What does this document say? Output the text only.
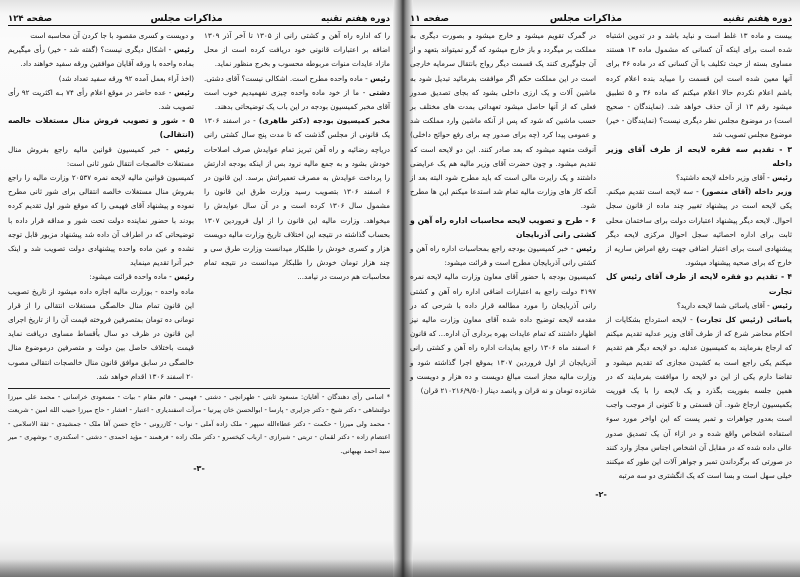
دوره هفتم تقنیه
مذاکرات مجلس
صفحه ۱۲۴

را که اداره راه آهن و کشتی رانی از ۱۳۰۵ تا آخر آذر ۱۳۰۹ اضافه بر اعتبارات قانونی خود دریافت کرده است از محل مازاد عایدات منوات مربوطه محسوب و بخرج منظور نماید.

رئیس - ماده واحده مطرح است. اشکالی نیست؟ آقای دشتی.

دشتی - ما از خود ماده واحده چیزی نفهمیدیم خوب است آقای مخبر کمیسیون بودجه در این باب یک توضیحاتی بدهند.

مخبر کمیسیون بودجه (دکتر طاهری) - در اسفند ۱۳۰۶ یک قانونی از مجلس گذشت که تا مدت پنج سال کشتی رانی دریاچه رضائیه و راه آهن تبریز تمام عوایدش صرف اصلاحات خودش بشود و به جمع مالیه نرود بس از اینکه بودجه ادارتش را پرداخت عوایدش به مصرف تعمیراتش برسد. این قانون در ۶ اسفند ۱۳۰۶ بتصویب رسید وزارت طرق این قانون را مشمول سال ۱۳۰۶ کرده است و در آن سال عوایدش را میخواهد. وزارت مالیه این قانون را از اول فروردین ۱۳۰۷ بحساب گذاشته در نتیجه این اختلاف تاریخ وزارت مالیه دویست هزار و کسری خودش را طلبکار میدانست وزارت طرق سی و چند هزار تومان خودش را طلبکار میدانست در نتیجه تمام محاسبات هم درست در نیامد...

و دویست و کسری مقصود با جا کردن آن محاسبه است

رئیس - اشکال دیگری نیست؟ (گفته شد - خیر) رأی میگیریم بماده واحده با ورقه آقایان موافقین ورقه سفید خواهند داد.

(اخذ آراء بعمل آمده ۹۲ ورقه سفید تعداد شد)

رئیس - عده حاضر در موقع اعلام رأی ۷۴ بـه اکثریت ۹۲ رأی تصویب شد.

۵ - شور و تصویب فروش منال مستغلات خالصه (انتقالی)

رئیس - خبر کمیسیون قوانین مالیه راجع بفروش منال مستغلات خالصجات انتقال شور ثانی است:

کمیسیون قوانین مالیه لایحه نمره ۲۰۵۳۷ وزارت مالیه را راجع بفروش منال مستغلات خالصه انتقالی برای شور ثانی مطرح نموده و پیشنهاد آقای فهیمی را که موقع شور اول تقدیم کرده بودند با حضور نماینده دولت تحت شور و مداقه قرار داده با توضیحاتی که در اطراف آن داده شد پیشنهاد مزبور قابل توجه نشده و عین ماده واحده پیشنهادی دولت تصویب شد و اینک خبر آنرا تقدیم مینماید

رئیس - ماده واحده قرائت میشود:

ماده واحده - بوزارت مالیه اجازه داده میشود از تاریخ تصویب این قانون تمام منال خالصگی مستغلات انتقالی را از قرار تومانی ده تومان بمتصرفین فروخته قیمت آن را از تاریخ اجرای این قانون در ظرف دو سال بأقساط مساوی دریافت نماید قیمت باختلاف حاصل بین دولت و متصرفین درموضوع منال خالصگی در سابق موافق قانون منال خالصجات انتقالی مصوب ۲۰ اسفند ۱۳۰۶ اقدام خواهد شد.

* اسامی رأی دهندگان - آقایان: مسعود ثابتی - طهرانچی - دشتی - فهیمی - قائم مقام - بیات - مسعودی خراسانی - محمد علی میرزا دولتشاهی - دکتر شیخ - دکتر جزایری - پارسا - ابوالحسن خان پیرنیا - مرآت اسفندیاری - اعتبار - افشار - حاج میرزا حبیب الله امین - شریعت - محمد ولی میرزا - حکمت - دکتر عطاءالله سپهر - ملک زاده آملی - نواب - کازرونی - حاج حسن آقا ملک - جمشیدی - ثقة الاسلامی - اعتصام زاده - دکتر لقمان - تربتی - شیرازی - ارباب کیخسرو - دکتر ملک زاده - فرهمند - مؤید احمدی - دشتی - اسکندری - بوشهری - میر سید احمد بهبهانی.
-۳-
دوره هفتم تقنیه
مذاکرات مجلس
صفحه ۱۱

بیست و ماده ۱۳ غلط است و نباید باشد و در تدوین اشتباه شده است برای اینکه آن کسانی که مشمول ماده ۱۳ هستند مساوی بسته از حیث تکلیف با آن کسانی که در ماده ۳۶ برای آنها معین شده است این قسمت را میباید بنده اعلام کرده باشم اعلام نکردم حالا اعلام میکنم که ماده ۳۶ و ۵ تطبیق میشود رقم ۱۳ از آن حذف خواهد شد. (نمایندگان - صحیح است) در موضوع مجلس نظر دیگری نیست؟ (نمایندگان - خیر) موضوع مجلس تصویب شد

۳ - تقدیم سه فقره لایحه از طرف آقای وزیر داخله

رئیس - آقای وزیر داخله لایحه داشتید؟

وزیر داخله (آقای منصور) - سه لایحه است تقدیم میکنم. یکی لایحه است در پیشنهاد تغییر چند ماده از قانون سجل احوال. لایحه دیگر پیشنهاد اعتبارات دولت برای ساختمان محلی ثابت برای اداره احصائیه سجل احوال مرکزی لایحه دیگر پیشنهادی است برای اعتبار اضافی جهت رفع امراض ساریه از خارج که برای صحیه پیشنهاد میشود.

۴ - تقدیم دو فقره لایحه از طرف آقای رئیس کل تجارت

رئیس - آقای یاسائی شما لایحه دارید؟

یاسائی (رئیس کل تجارت) - لایحه استرداج بشکایات از احکام محاضر شرع که از طرف آقای وزیر عدلیه تقدیم میکنم که ارجاع بفرمایند به کمیسیون عدلیه. دو لایحه دیگر هم تقدیم میکنم یکی راجع است به کشیدن مجازی که تقدیم میشود و تقاضا دارم یکی از این دو لایحه را موافقت بفرمایند که در همین جلسه بفوریت بگذرد و یک لایحه را با یک فوریت بکمیسیون ارجاع شود. آن قسمتی و تا کنونی از موجب واجب است بعدور جواهرات و تمبر پست که این اواخر مورد سوء استفاده اشخاص واقع شده و در ازاء آن یک تصدیق صدور عالی داده شده که در مقابل آن اشخاص اجناس مجاز وارد کنند در صورتی که برگرداندن تمبر و جواهر آلات این طور که میکنند خیلی سهل است و بسا است که یک انگشتری دو سه مرتبه

در گمرک تقویم میشود و خارج میشود و بصورت دیگری به مملکت بر میگردد و باز خارج میشود که گرو نمیتواند بتعهد و از آن جلوگیری کنند یک قسمت دیگر رواج بانتقال سرمایه خارجی است در این مملکت حکم اگر موافقت بفرمائید تبدیل شود به ماشین آلات و یک ارزی داخلی بشود که بجای تصدیق صدور فعلی که از آنها حاصل میشود تعهداتی بمدت های مختلف بر حسب ماشین که شود که پس از آنکه ماشین وارد مملکت شد و عمومی پیدا کرد (چه برای صدور چه برای رفع حوائج داخلی) آنوقت متعهد میشود که بعد صادر کنند. این دو لایحه است که تقدیم میشود. و چون حضرت آقای وزیر مالیه هم یک عرایضی داشتند و یک رایرت مالی است که باید مطرح شود البته بعد از آنکه کار های وزارت مالیه تمام شد استدعا میکنم این ها مطرح شود.

۶ - طرح و تصویب لایحه محاسبات اداره راه آهن و کشتی رانی آذربایجان

رئیس - خبر کمیسیون بودجه راجع بمحاسبات اداره راه آهن و کشتی رانی آذربایجان مطرح است و قرائت میشود:

کمیسیون بودجه با حضور آقای معاون وزارت مالیه لایحه نمره ۴۱۹۷ دولت راجع به اعتبارات اضافی اداره راه آهن و کشتی رانی آذربایجان را مورد مطالعه قرار داده با شرحی که در مقدمه لایحه توضیح داده شده آقای معاون وزارت مالیه نیز اظهار داشتند که تمام عایدات بهره برداری آن اداره... که قانون ۶ اسفند ماه ۱۳۰۶ راجع بعایدات اداره راه آهن و کشتی رانی آذربایجان از اول فروردین ۱۳۰۷ بموقع اجرا گذاشته شود و وزارت مالیه مجاز است مبالغ دویست و ده هزار و دویست و شانزده تومان و نه قران و پانصد دینار (۲۱۰۲۱۶/۹/۵۰ قران)

-۲-
